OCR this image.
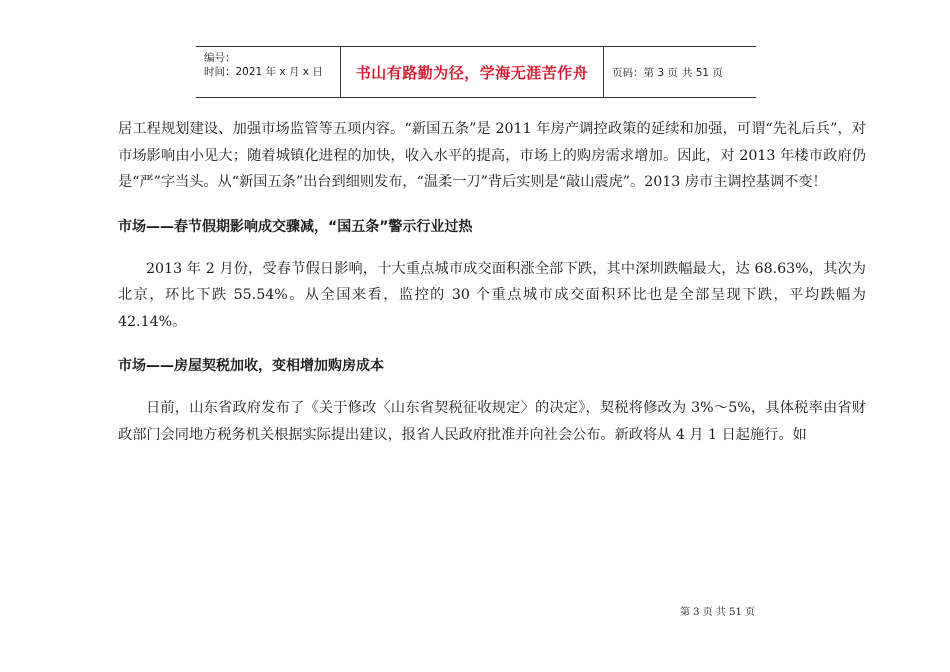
编号：
时间：2021 年 x 月 x 日	书山有路勤为径，学海无涯苦作舟	页码：第 3 页 共 51 页

居工程规划建设、加强市场监管等五项内容。“新国五条”是 2011 年房产调控政策的延续和加强，可谓“先礼后兵”，对市场影响由小见大；随着城镇化进程的加快，收入水平的提高，市场上的购房需求增加。因此，对 2013 年楼市政府仍是“严”字当头。从“新国五条”出台到细则发布，“温柔一刀”背后实则是“敲山震虎”。2013 房市主调控基调不变！

市场——春节假期影响成交骤减，“国五条”警示行业过热

2013 年 2 月份，受春节假日影响，十大重点城市成交面积涨全部下跌，其中深圳跌幅最大，达 68.63%，其次为北京，环比下跌 55.54%。从全国来看，监控的 30 个重点城市成交面积环比也是全部呈现下跌，平均跌幅为 42.14%。

市场——房屋契税加收，变相增加购房成本

日前，山东省政府发布了《关于修改〈山东省契税征收规定〉的决定》，契税将修改为 3%～5%，具体税率由省财政部门会同地方税务机关根据实际提出建议，报省人民政府批准并向社会公布。新政将从 4 月 1 日起施行。如

第 3 页 共 51 页
